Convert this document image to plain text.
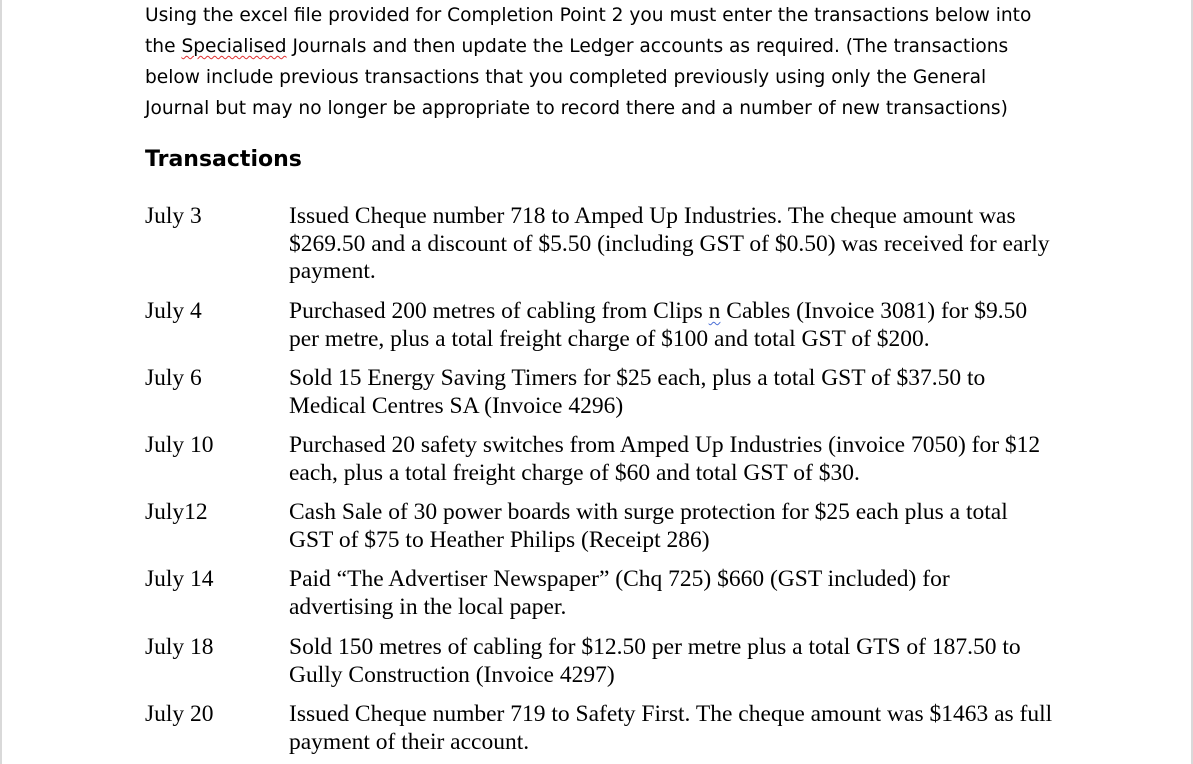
Using the excel file provided for Completion Point 2 you must enter the transactions below into the Specialised Journals and then update the Ledger accounts as required. (The transactions below include previous transactions that you completed previously using only the General Journal but may no longer be appropriate to record there and a number of new transactions)

Transactions
July 3	Issued Cheque number 718 to Amped Up Industries. The cheque amount was $269.50 and a discount of $5.50 (including GST of $0.50) was received for early payment.
July 4	Purchased 200 metres of cabling from Clips n Cables (Invoice 3081) for $9.50 per metre, plus a total freight charge of $100 and total GST of $200.
July 6	Sold 15 Energy Saving Timers for $25 each, plus a total GST of $37.50 to Medical Centres SA (Invoice 4296)
July 10	Purchased 20 safety switches from Amped Up Industries (invoice 7050) for $12 each, plus a total freight charge of $60 and total GST of $30.
July12	Cash Sale of 30 power boards with surge protection for $25 each plus a total GST of $75 to Heather Philips (Receipt 286)
July 14	Paid “The Advertiser Newspaper” (Chq 725) $660 (GST included) for advertising in the local paper.
July 18	Sold 150 metres of cabling for $12.50 per metre plus a total GTS of 187.50 to Gully Construction (Invoice 4297)
July 20	Issued Cheque number 719 to Safety First. The cheque amount was $1463 as full payment of their account.
